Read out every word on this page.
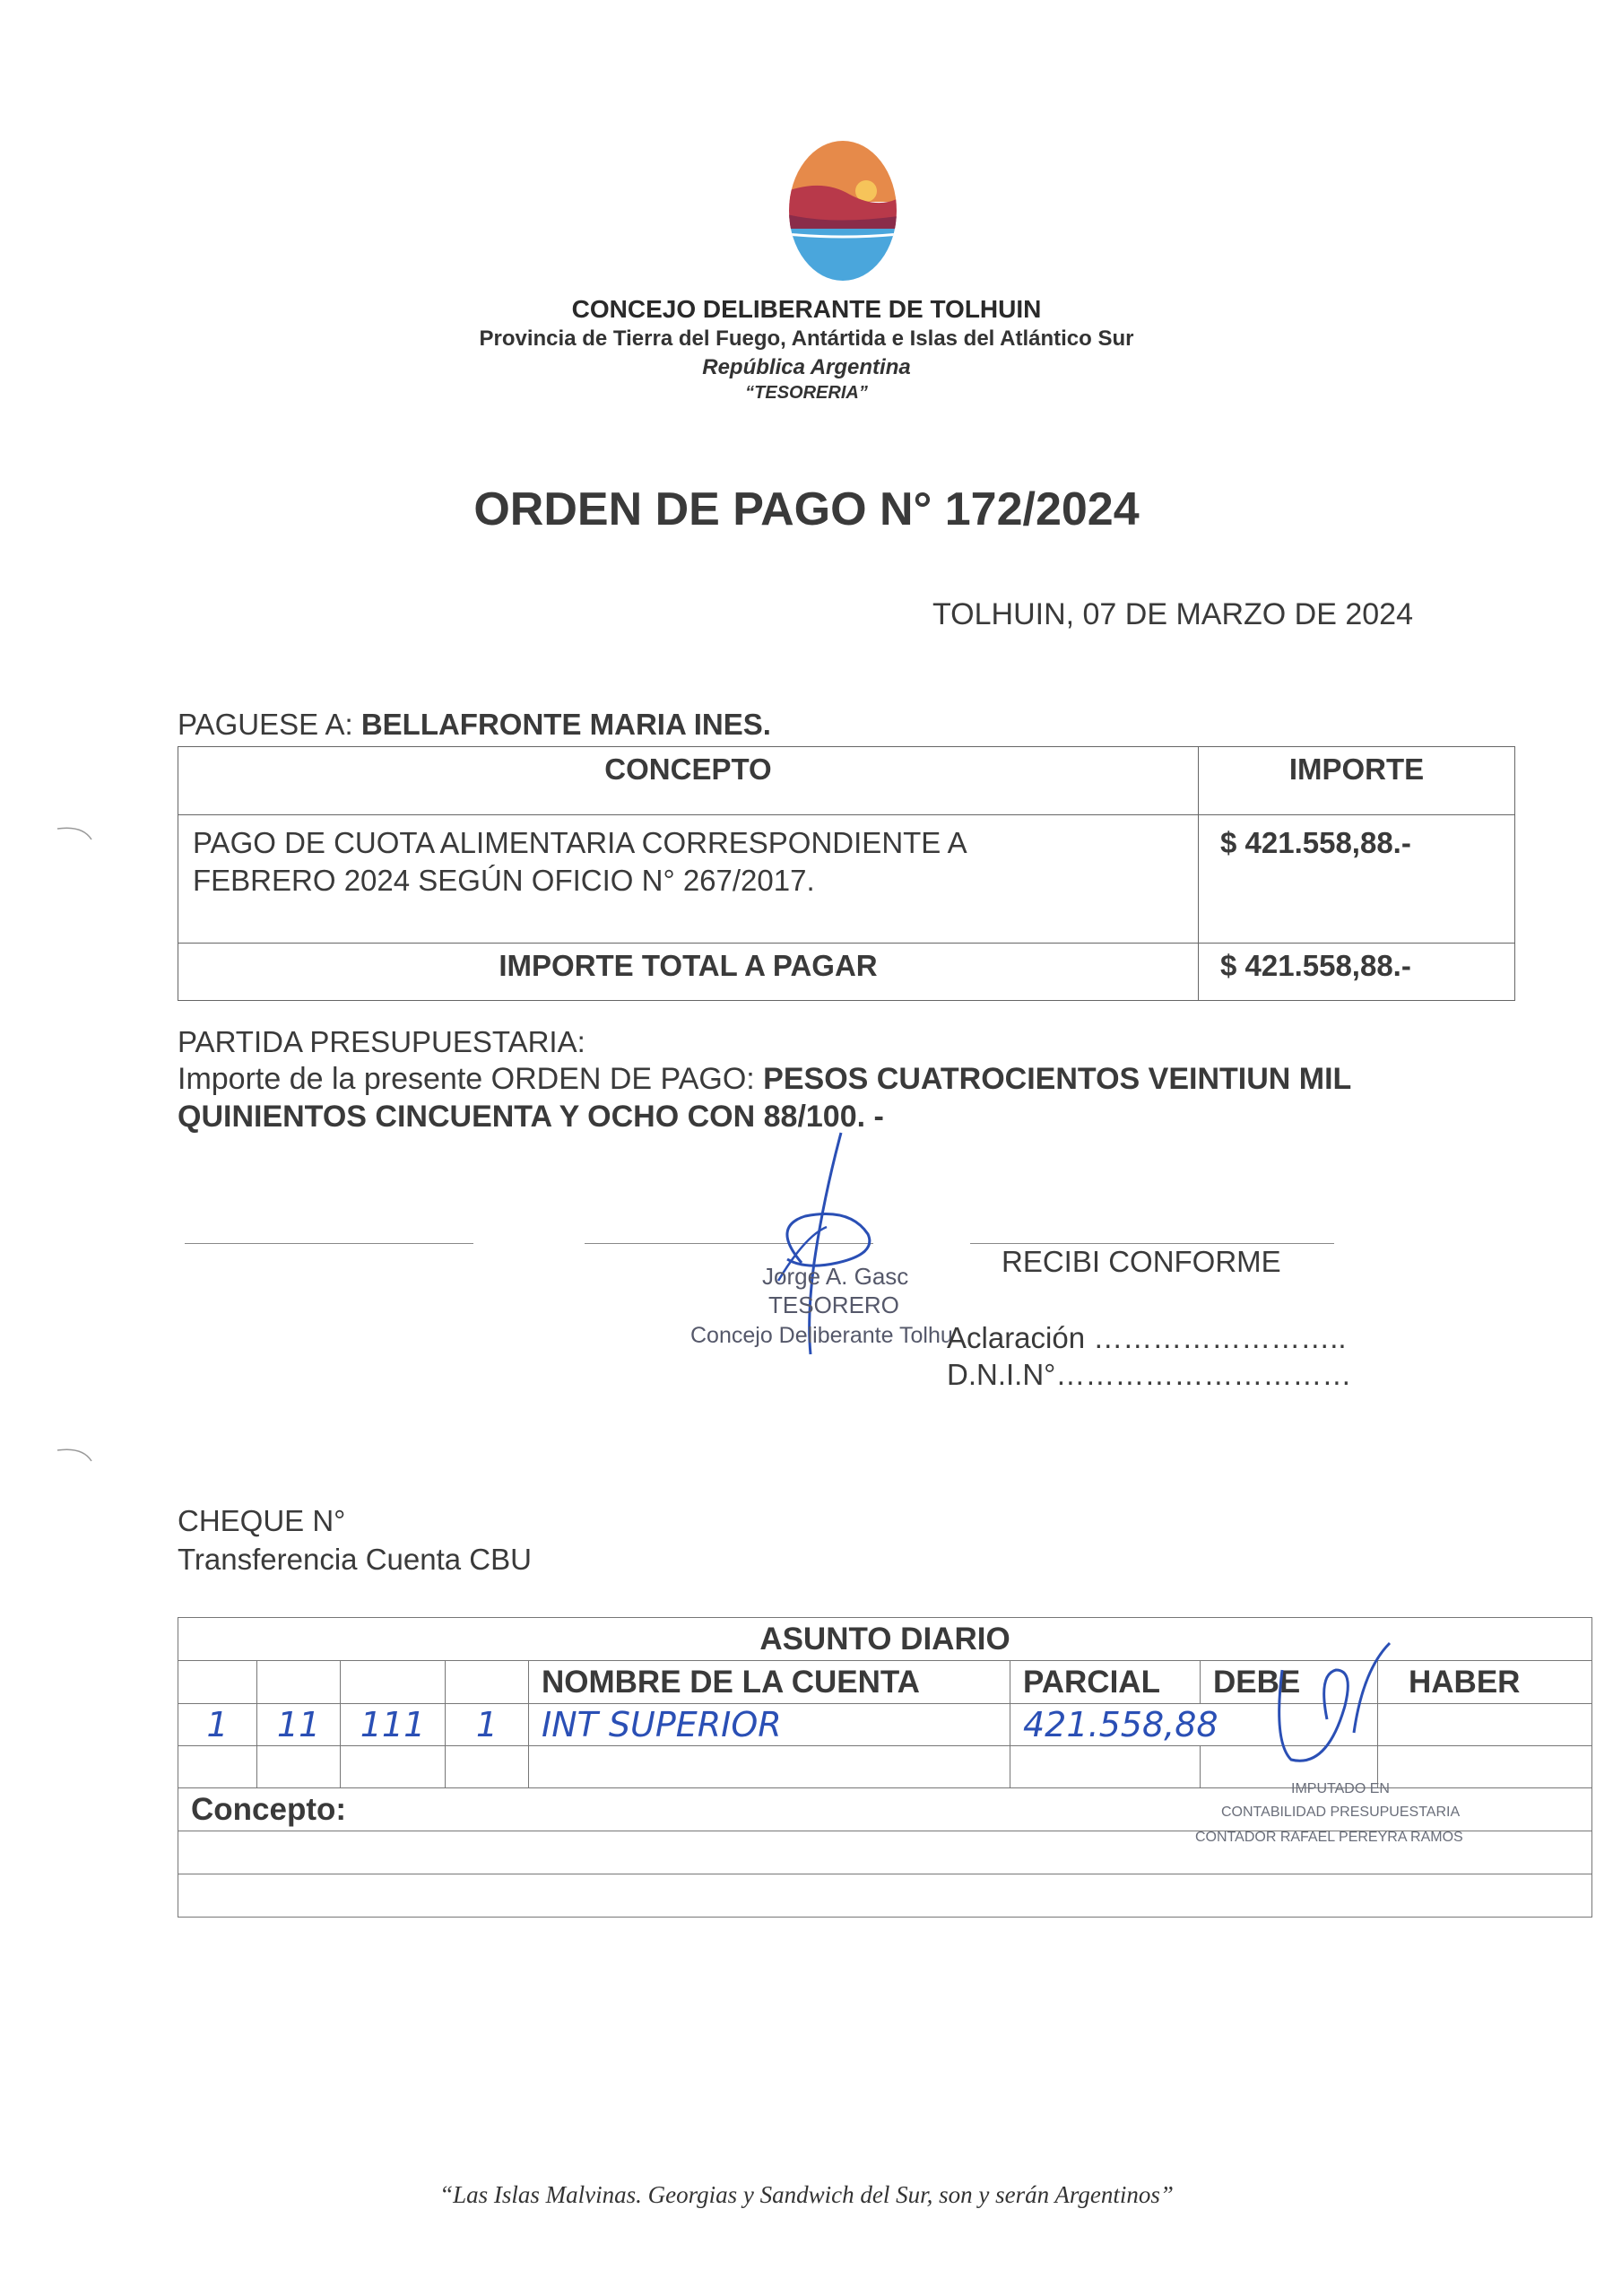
CONCEJO DELIBERANTE DE TOLHUIN
Provincia de Tierra del Fuego, Antártida e Islas del Atlántico Sur
República Argentina
“TESORERIA”
ORDEN DE PAGO N° 172/2024
TOLHUIN, 07 DE MARZO DE 2024
PAGUESE A: BELLAFRONTE MARIA INES.
CONCEPTO	IMPORTE

PAGO DE CUOTA ALIMENTARIA CORRESPONDIENTE A
FEBRERO 2024 SEGÚN OFICIO N° 267/2017.	$ 421.558,88.-
IMPORTE TOTAL A PAGAR	$ 421.558,88.-
PARTIDA PRESUPUESTARIA:
Importe de la presente ORDEN DE PAGO: PESOS CUATROCIENTOS VEINTIUN MIL QUINIENTOS CINCUENTA Y OCHO CON 88/100. -
Jorge A. Gasc
TESORERO
Concejo Deliberante Tolhu
RECIBI CONFORME
Aclaración ……………………..
D.N.I.N°…………………………
CHEQUE N°
Transferencia Cuenta CBU
ASUNTO DIARIO							
				NOMBRE DE LA CUENTA	PARCIAL	DEBE	HABER
1	11	111	1	INT SUPERIOR	421.558,88		

Concepto:							

IMPUTADO EN
CONTABILIDAD PRESUPUESTARIA
CONTADOR RAFAEL PEREYRA RAMOS
“Las Islas Malvinas. Georgias y Sandwich del Sur, son y serán Argentinos”
